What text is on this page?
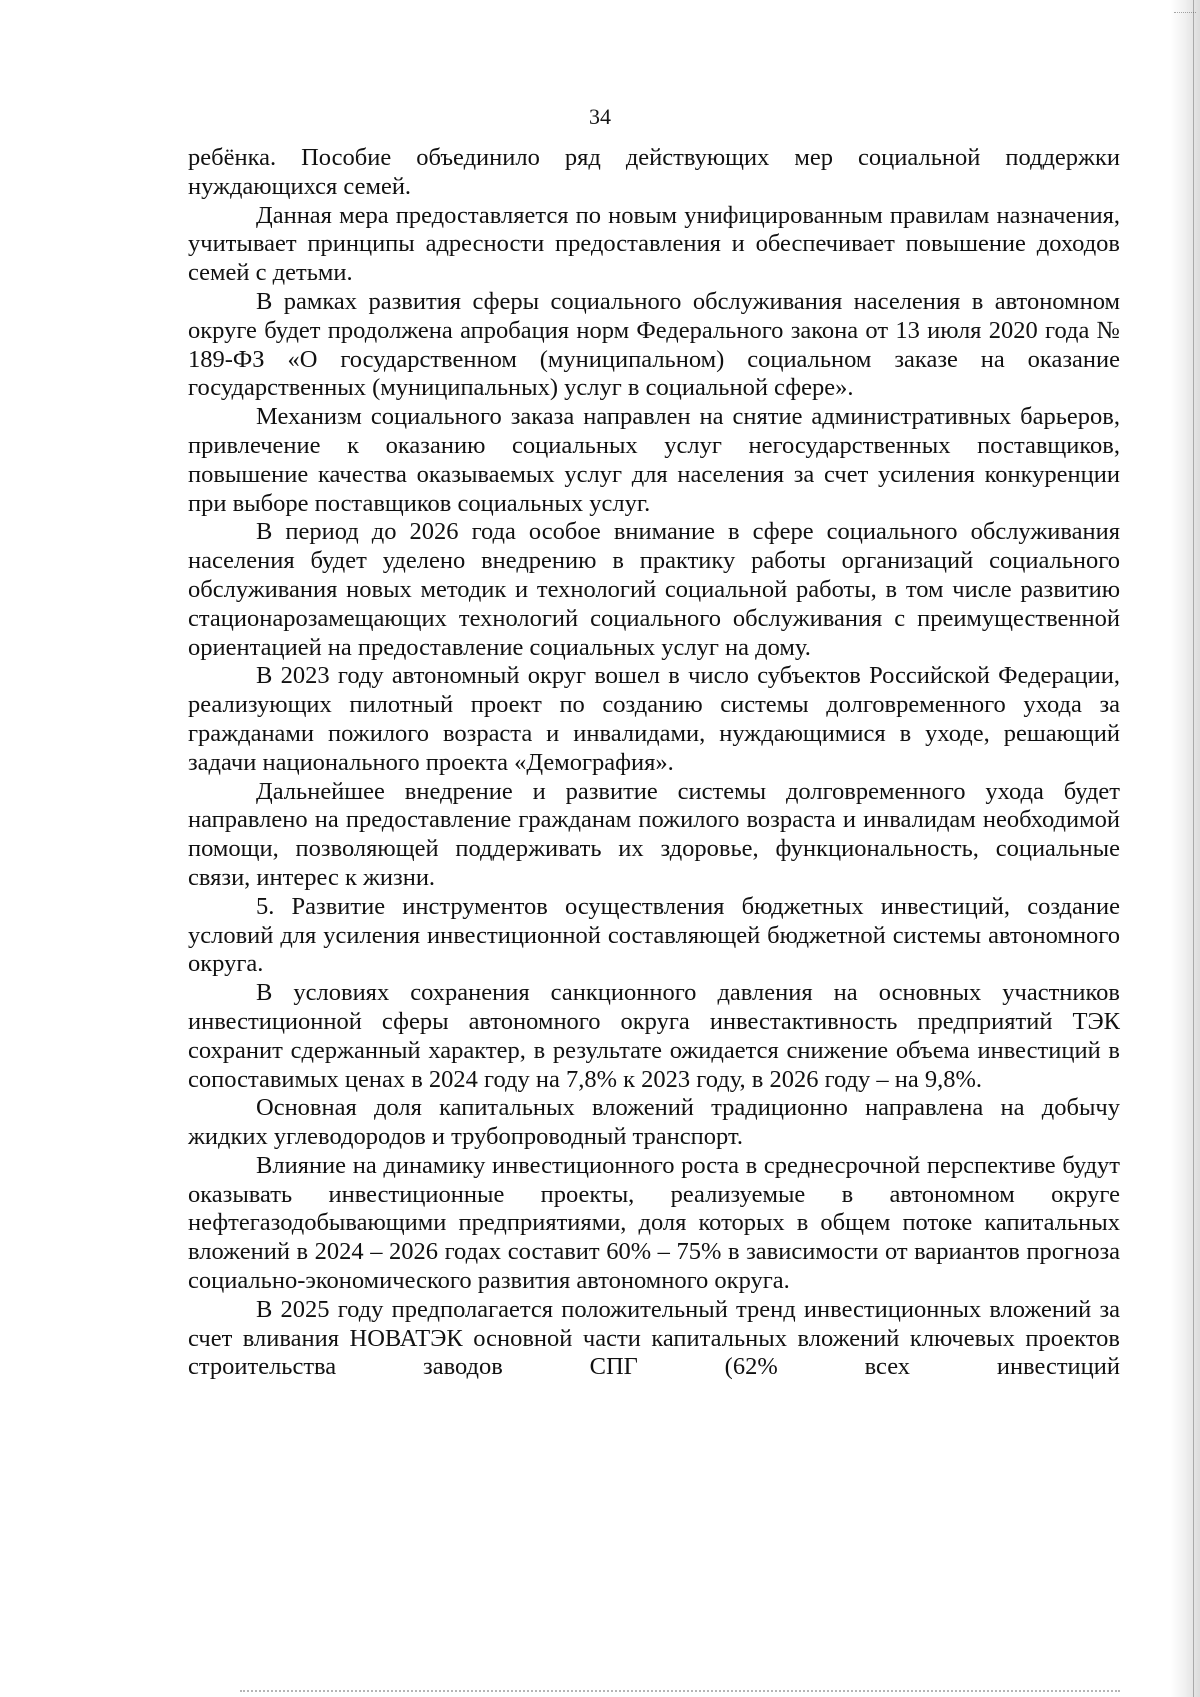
34

ребёнка. Пособие объединило ряд действующих мер социальной поддержки нуждающихся семей.

Данная мера предоставляется по новым унифицированным правилам назначения, учитывает принципы адресности предоставления и обеспечивает повышение доходов семей с детьми.

В рамках развития сферы социального обслуживания населения в автономном округе будет продолжена апробация норм Федерального закона от 13 июля 2020 года № 189-ФЗ «О государственном (муниципальном) социальном заказе на оказание государственных (муниципальных) услуг в социальной сфере».

Механизм социального заказа направлен на снятие административных барьеров, привлечение к оказанию социальных услуг негосударственных поставщиков, повышение качества оказываемых услуг для населения за счет усиления конкуренции при выборе поставщиков социальных услуг.

В период до 2026 года особое внимание в сфере социального обслуживания населения будет уделено внедрению в практику работы организаций социального обслуживания новых методик и технологий социальной работы, в том числе развитию стационарозамещающих технологий социального обслуживания с преимущественной ориентацией на предоставление социальных услуг на дому.

В 2023 году автономный округ вошел в число субъектов Российской Федерации, реализующих пилотный проект по созданию системы долговременного ухода за гражданами пожилого возраста и инвалидами, нуждающимися в уходе, решающий задачи национального проекта «Демография».

Дальнейшее внедрение и развитие системы долговременного ухода будет направлено на предоставление гражданам пожилого возраста и инвалидам необходимой помощи, позволяющей поддерживать их здоровье, функциональность, социальные связи, интерес к жизни.

5. Развитие инструментов осуществления бюджетных инвестиций, создание условий для усиления инвестиционной составляющей бюджетной системы автономного округа.

В условиях сохранения санкционного давления на основных участников инвестиционной сферы автономного округа инвестактивность предприятий ТЭК сохранит сдержанный характер, в результате ожидается снижение объема инвестиций в сопоставимых ценах в 2024 году на 7,8% к 2023 году, в 2026 году – на 9,8%.

Основная доля капитальных вложений традиционно направлена на добычу жидких углеводородов и трубопроводный транспорт.

Влияние на динамику инвестиционного роста в среднесрочной перспективе будут оказывать инвестиционные проекты, реализуемые в автономном округе нефтегазодобывающими предприятиями, доля которых в общем потоке капитальных вложений в 2024 – 2026 годах составит 60% – 75% в зависимости от вариантов прогноза социально-экономического развития автономного округа.

В 2025 году предполагается положительный тренд инвестиционных вложений за счет вливания НОВАТЭК основной части капитальных вложений ключевых проектов строительства заводов СПГ (62% всех инвестиций
